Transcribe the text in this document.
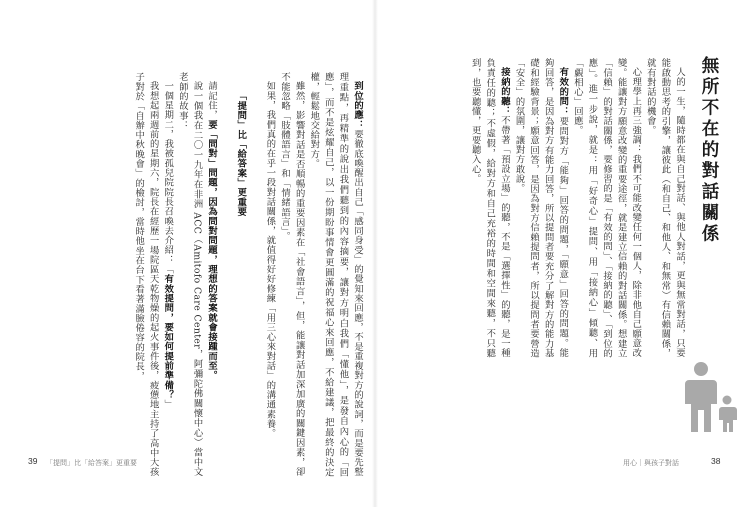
到位的應：要徹底喚醒出自己「感同身受」的覺知來回應，不是重複對方的說詞，而是要先整理重點，再精準的說出我們聽到的內容摘要，讓對方明白我們「懂他」，是發自內心的「回應」，而不是炫耀自己，以一份期盼事情會更圓滿的祝福心來回應，不給建議，把最終的決定權，輕鬆地交給對方。

雖然，影響對話是否順暢的重要因素在「社會語言」，但，能讓對話加深加廣的關鍵因素，卻不能忽略「肢體語言」和「情緒語言」。

如果，我們真的在乎一段對話關係，就值得好好修練「用三心來對話」的溝通素養。

「提問」比「給答案」更重要

請記住，要「問對」問題，因為問對問題，理想的答案就會接踵而至。

說一個我在二〇一九年在非洲 ACC（Amitofo Care Center，阿彌陀佛關懷中心）當中文老師的故事：

一個星期二，我被孤兒院院長召喚去介紹：「有效提問，要如何提前準備？」

我想起兩週前的星期六，院長在經歷一場院區天乾物燥的起火事件後，疲憊地主持了高中大孩子對於「自辦中秋晚會」的檢討，當時他坐在台下看著滿臉倦容的院長，

39 「提問」比「給答案」更重要
無所不在的對話關係

人的一生，隨時都在與自己對話、與他人對話，更與無常對話，只要能啟動思考的引擎，讓彼此（和自己、和他人、和無常）有信賴關係，就有對話的機會。

心理學上再三強調：我們不可能改變任何一個人，除非他自己願意改變。能讓對方願意改變的重要途徑，就是建立信賴的對話關係。想建立「信賴」的對話關係，要修習的是「有效的問」、「接納的聽」、「到位的應」。進一步說，就是：用「好奇心」提問、用「接納心」傾聽、用「覷相心」回應。

有效的問：要問對方「能夠」回答的問題，「願意」回答的問題。能夠回答，是因為對方有能力回答，所以提問者要充分了解對方的能力基礎和經驗背景；願意回答，是因為對方信賴提問者，所以提問者要營造「安全」的氛圍，讓對方敢說。

接納的聽：不帶著「預設立場」的聽，不是「選擇性」的聽，是一種負責任的聽；不虛假，給對方和自己充裕的時間和空間來聽，不只聽到，也要聽懂，更要聽入心。

用心｜與孩子對話	38
